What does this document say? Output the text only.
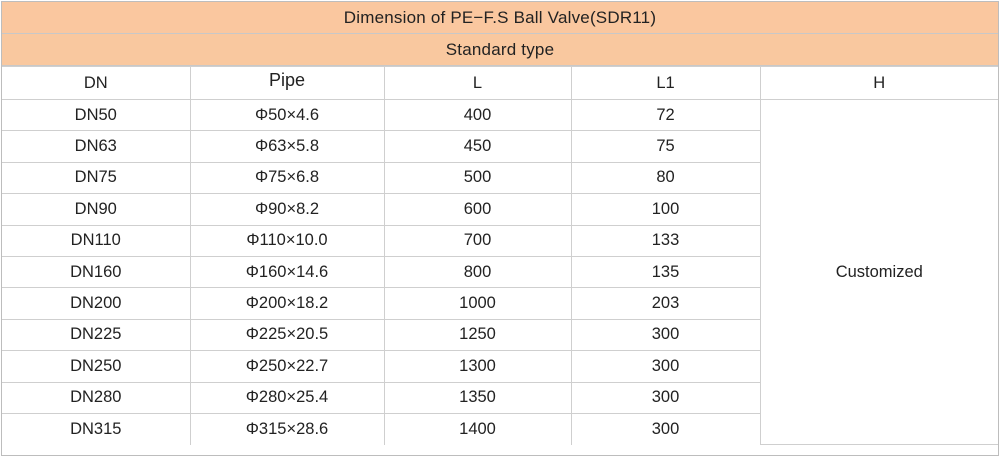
Dimension of PE−F.S Ball Valve(SDR11)
Standard type
DN	Pipe	L	L1	H
DN50	Φ50×4.6	400	72	Customized
DN63	Φ63×5.8	450	75	
DN75	Φ75×6.8	500	80	
DN90	Φ90×8.2	600	100	
DN110	Φ110×10.0	700	133	
DN160	Φ160×14.6	800	135	
DN200	Φ200×18.2	1000	203	
DN225	Φ225×20.5	1250	300	
DN250	Φ250×22.7	1300	300	
DN280	Φ280×25.4	1350	300	
DN315	Φ315×28.6	1400	300	
